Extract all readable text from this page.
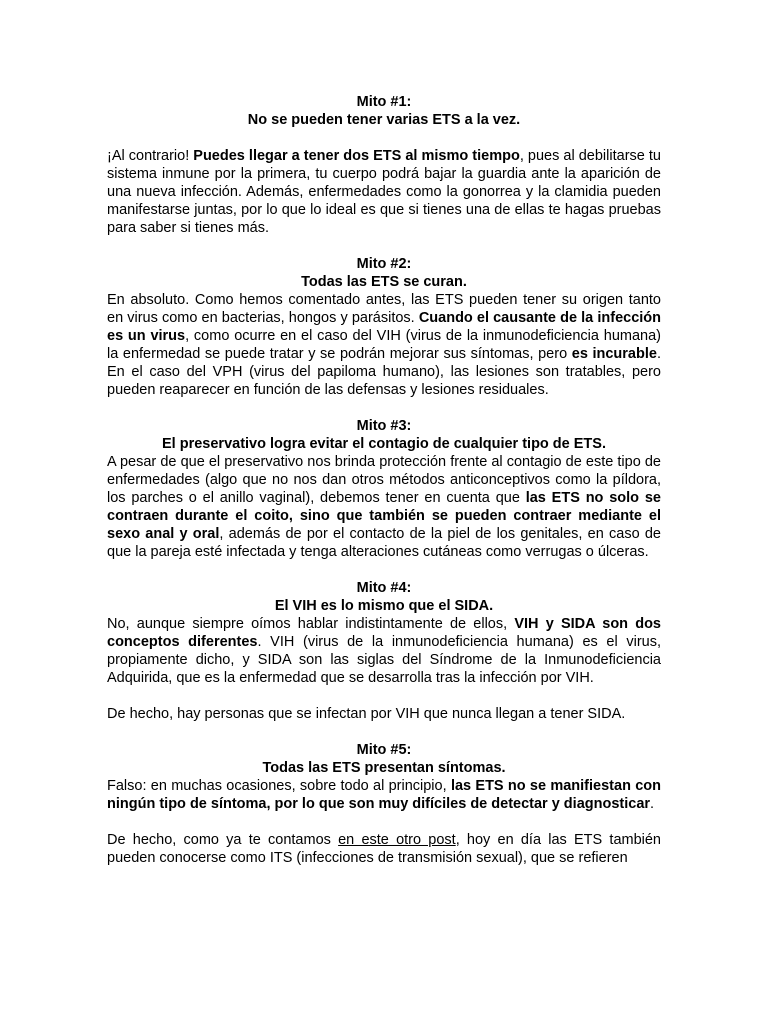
Mito #1:
No se pueden tener varias ETS a la vez.

¡Al contrario! Puedes llegar a tener dos ETS al mismo tiempo, pues al debilitarse tu sistema inmune por la primera, tu cuerpo podrá bajar la guardia ante la aparición de una nueva infección. Además, enfermedades como la gonorrea y la clamidia pueden manifestarse juntas, por lo que lo ideal es que si tienes una de ellas te hagas pruebas para saber si tienes más.

Mito #2:
Todas las ETS se curan.

En absoluto. Como hemos comentado antes, las ETS pueden tener su origen tanto en virus como en bacterias, hongos y parásitos. Cuando el causante de la infección es un virus, como ocurre en el caso del VIH (virus de la inmunodeficiencia humana) la enfermedad se puede tratar y se podrán mejorar sus síntomas, pero es incurable. En el caso del VPH (virus del papiloma humano), las lesiones son tratables, pero pueden reaparecer en función de las defensas y lesiones residuales.

Mito #3:
El preservativo logra evitar el contagio de cualquier tipo de ETS.

A pesar de que el preservativo nos brinda protección frente al contagio de este tipo de enfermedades (algo que no nos dan otros métodos anticonceptivos como la píldora, los parches o el anillo vaginal), debemos tener en cuenta que las ETS no solo se contraen durante el coito, sino que también se pueden contraer mediante el sexo anal y oral, además de por el contacto de la piel de los genitales, en caso de que la pareja esté infectada y tenga alteraciones cutáneas como verrugas o úlceras.

Mito #4:
El VIH es lo mismo que el SIDA.

No, aunque siempre oímos hablar indistintamente de ellos, VIH y SIDA son dos conceptos diferentes. VIH (virus de la inmunodeficiencia humana) es el virus, propiamente dicho, y SIDA son las siglas del Síndrome de la Inmunodeficiencia Adquirida, que es la enfermedad que se desarrolla tras la infección por VIH.

De hecho, hay personas que se infectan por VIH que nunca llegan a tener SIDA.

Mito #5:
Todas las ETS presentan síntomas.

Falso: en muchas ocasiones, sobre todo al principio, las ETS no se manifiestan con ningún tipo de síntoma, por lo que son muy difíciles de detectar y diagnosticar.

De hecho, como ya te contamos en este otro post, hoy en día las ETS también pueden conocerse como ITS (infecciones de transmisión sexual), que se refieren
